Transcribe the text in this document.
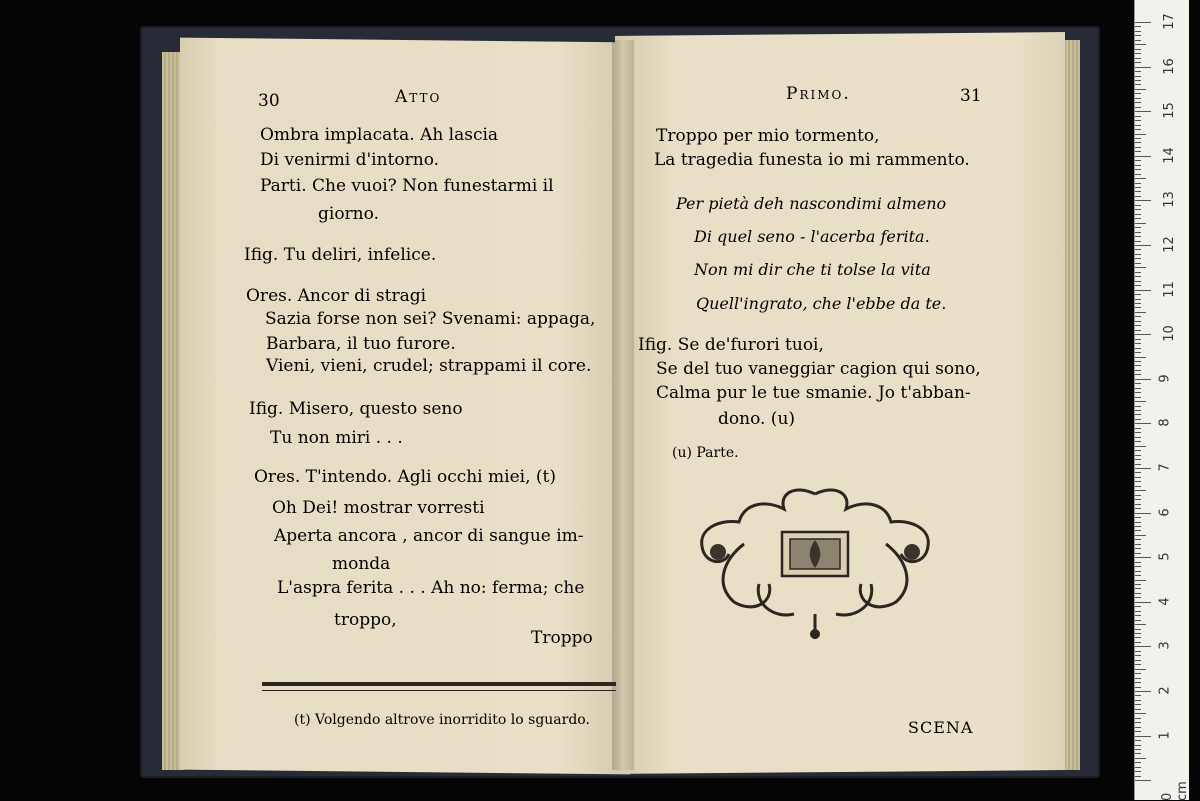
30	Atto
Ombra implacata. Ah lascia
Di venirmi d'intorno.
Parti. Che vuoi? Non funestarmi il
giorno.
Ifig. Tu deliri, infelice.
Ores. Ancor di stragi
Sazia forse non sei? Svenami: appaga,
Barbara, il tuo furore.
Vieni, vieni, crudel; strappami il core.
Ifig. Misero, questo seno
Tu non miri . . .
Ores. T'intendo. Agli occhi miei, (t)
Oh Dei! mostrar vorresti
Aperta ancora , ancor di sangue im-
monda
L'aspra ferita . . . Ah no: ferma; che
troppo,
Troppo
(t) Volgendo altrove inorridito lo sguardo.
Primo.	31
Troppo per mio tormento,
La tragedia funesta io mi rammento.
Per pietà deh nascondimi almeno
Di quel seno - l'acerba ferita.
Non mi dir che ti tolse la vita
Quell'ingrato, che l'ebbe da te.
Ifig. Se de'furori tuoi,
Se del tuo vaneggiar cagion qui sono,
Calma pur le tue smanie. Jo t'abban-
dono. (u)
(u) Parte.
SCENA
17
16
15
14
13
12
11
10
9
8
7
6
5
4
3
2
1
0 cm
